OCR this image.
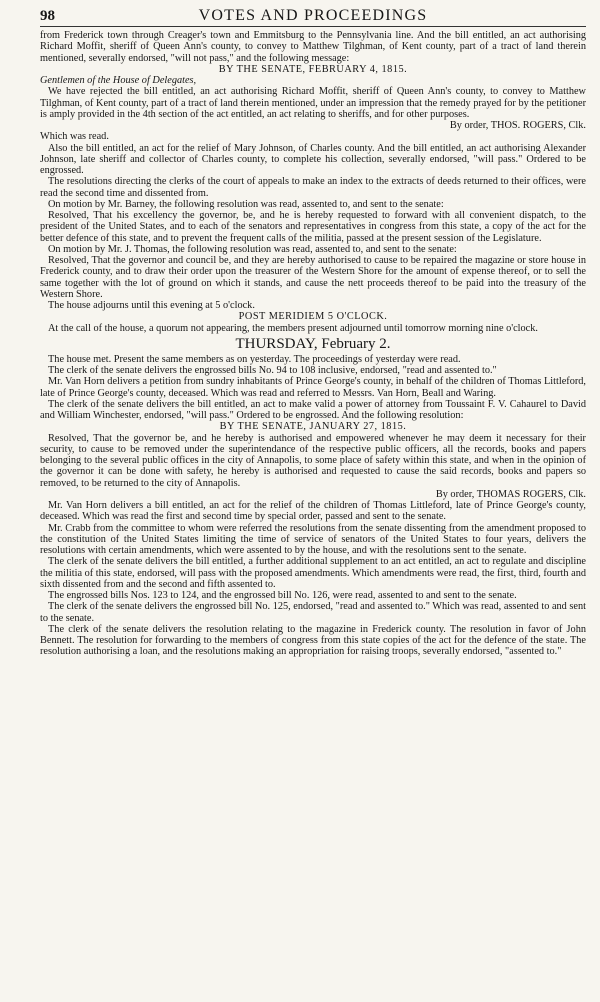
98	VOTES AND PROCEEDINGS

from Frederick town through Creager's town and Emmitsburg to the Pennsylvania line. And the bill entitled, an act authorising Richard Moffit, sheriff of Queen Ann's county, to convey to Matthew Tilghman, of Kent county, part of a tract of land therein mentioned, severally endorsed, "will not pass," and the following message:

BY THE SENATE, FEBRUARY 4, 1815.

Gentlemen of the House of Delegates,

We have rejected the bill entitled, an act authorising Richard Moffit, sheriff of Queen Ann's county, to convey to Matthew Tilghman, of Kent county, part of a tract of land therein mentioned, under an impression that the remedy prayed for by the petitioner is amply provided in the 4th section of the act entitled, an act relating to sheriffs, and for other purposes.

By order, THOS. ROGERS, Clk.

Which was read.

Also the bill entitled, an act for the relief of Mary Johnson, of Charles county. And the bill entitled, an act authorising Alexander Johnson, late sheriff and collector of Charles county, to complete his collection, severally endorsed, "will pass." Ordered to be engrossed.

The resolutions directing the clerks of the court of appeals to make an index to the extracts of deeds returned to their offices, were read the second time and dissented from.

On motion by Mr. Barney, the following resolution was read, assented to, and sent to the senate:

Resolved, That his excellency the governor, be, and he is hereby requested to forward with all convenient dispatch, to the president of the United States, and to each of the senators and representatives in congress from this state, a copy of the act for the better defence of this state, and to prevent the frequent calls of the militia, passed at the present session of the Legislature.

On motion by Mr. J. Thomas, the following resolution was read, assented to, and sent to the senate:

Resolved, That the governor and council be, and they are hereby authorised to cause to be repaired the magazine or store house in Frederick county, and to draw their order upon the treasurer of the Western Shore for the amount of expense thereof, or to sell the same together with the lot of ground on which it stands, and cause the nett proceeds thereof to be paid into the treasury of the Western Shore.

The house adjourns until this evening at 5 o'clock.

POST MERIDIEM 5 O'CLOCK.

At the call of the house, a quorum not appearing, the members present adjourned until tomorrow morning nine o'clock.

THURSDAY, February 2.

The house met. Present the same members as on yesterday. The proceedings of yesterday were read.

The clerk of the senate delivers the engrossed bills No. 94 to 108 inclusive, endorsed, "read and assented to."

Mr. Van Horn delivers a petition from sundry inhabitants of Prince George's county, in behalf of the children of Thomas Littleford, late of Prince George's county, deceased. Which was read and referred to Messrs. Van Horn, Beall and Waring.

The clerk of the senate delivers the bill entitled, an act to make valid a power of attorney from Toussaint F. V. Cahaurel to David and William Winchester, endorsed, "will pass." Ordered to be engrossed. And the following resolution:

BY THE SENATE, JANUARY 27, 1815.

Resolved, That the governor be, and he hereby is authorised and empowered whenever he may deem it necessary for their security, to cause to be removed under the superintendance of the respective public officers, all the records, books and papers belonging to the several public offices in the city of Annapolis, to some place of safety within this state, and when in the opinion of the governor it can be done with safety, he hereby is authorised and requested to cause the said records, books and papers so removed, to be returned to the city of Annapolis.

By order, THOMAS ROGERS, Clk.

Mr. Van Horn delivers a bill entitled, an act for the relief of the children of Thomas Littleford, late of Prince George's county, deceased. Which was read the first and second time by special order, passed and sent to the senate.

Mr. Crabb from the committee to whom were referred the resolutions from the senate dissenting from the amendment proposed to the constitution of the United States limiting the time of service of senators of the United States to four years, delivers the resolutions with certain amendments, which were assented to by the house, and with the resolutions sent to the senate.

The clerk of the senate delivers the bill entitled, a further additional supplement to an act entitled, an act to regulate and discipline the militia of this state, endorsed, will pass with the proposed amendments. Which amendments were read, the first, third, fourth and sixth dissented from and the second and fifth assented to.

The engrossed bills Nos. 123 to 124, and the engrossed bill No. 126, were read, assented to and sent to the senate.

The clerk of the senate delivers the engrossed bill No. 125, endorsed, "read and assented to." Which was read, assented to and sent to the senate.

The clerk of the senate delivers the resolution relating to the magazine in Frederick county. The resolution in favor of John Bennett. The resolution for forwarding to the members of congress from this state copies of the act for the defence of the state. The resolution authorising a loan, and the resolutions making an appropriation for raising troops, severally endorsed, "assented to."
